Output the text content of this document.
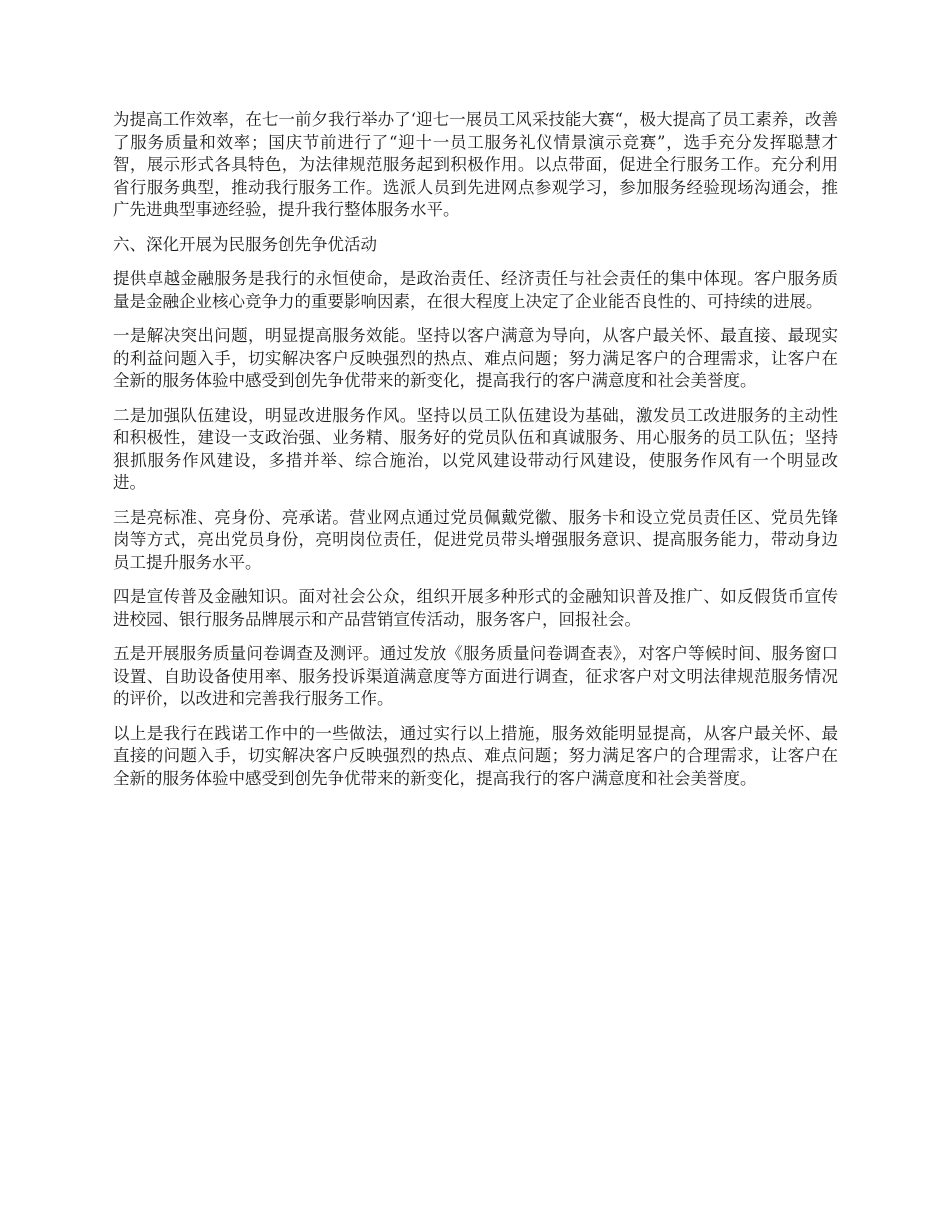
为提高工作效率，在七一前夕我行举办了‘迎七一展员工风采技能大赛“，极大提高了员工素养，改善了服务质量和效率；国庆节前进行了“迎十一员工服务礼仪情景演示竞赛”，选手充分发挥聪慧才智，展示形式各具特色，为法律规范服务起到积极作用。以点带面，促进全行服务工作。充分利用省行服务典型，推动我行服务工作。选派人员到先进网点参观学习，参加服务经验现场沟通会，推广先进典型事迹经验，提升我行整体服务水平。

六、深化开展为民服务创先争优活动

提供卓越金融服务是我行的永恒使命，是政治责任、经济责任与社会责任的集中体现。客户服务质量是金融企业核心竞争力的重要影响因素，在很大程度上决定了企业能否良性的、可持续的进展。

一是解决突出问题，明显提高服务效能。坚持以客户满意为导向，从客户最关怀、最直接、最现实的利益问题入手，切实解决客户反映强烈的热点、难点问题；努力满足客户的合理需求，让客户在全新的服务体验中感受到创先争优带来的新变化，提高我行的客户满意度和社会美誉度。

二是加强队伍建设，明显改进服务作风。坚持以员工队伍建设为基础，激发员工改进服务的主动性和积极性，建设一支政治强、业务精、服务好的党员队伍和真诚服务、用心服务的员工队伍；坚持狠抓服务作风建设，多措并举、综合施治，以党风建设带动行风建设，使服务作风有一个明显改进。

三是亮标准、亮身份、亮承诺。营业网点通过党员佩戴党徽、服务卡和设立党员责任区、党员先锋岗等方式，亮出党员身份，亮明岗位责任，促进党员带头增强服务意识、提高服务能力，带动身边员工提升服务水平。

四是宣传普及金融知识。面对社会公众，组织开展多种形式的金融知识普及推广、如反假货币宣传进校园、银行服务品牌展示和产品营销宣传活动，服务客户，回报社会。

五是开展服务质量问卷调查及测评。通过发放《服务质量问卷调查表》，对客户等候时间、服务窗口设置、自助设备使用率、服务投诉渠道满意度等方面进行调查，征求客户对文明法律规范服务情况的评价，以改进和完善我行服务工作。

以上是我行在践诺工作中的一些做法，通过实行以上措施，服务效能明显提高，从客户最关怀、最直接的问题入手，切实解决客户反映强烈的热点、难点问题；努力满足客户的合理需求，让客户在全新的服务体验中感受到创先争优带来的新变化，提高我行的客户满意度和社会美誉度。
